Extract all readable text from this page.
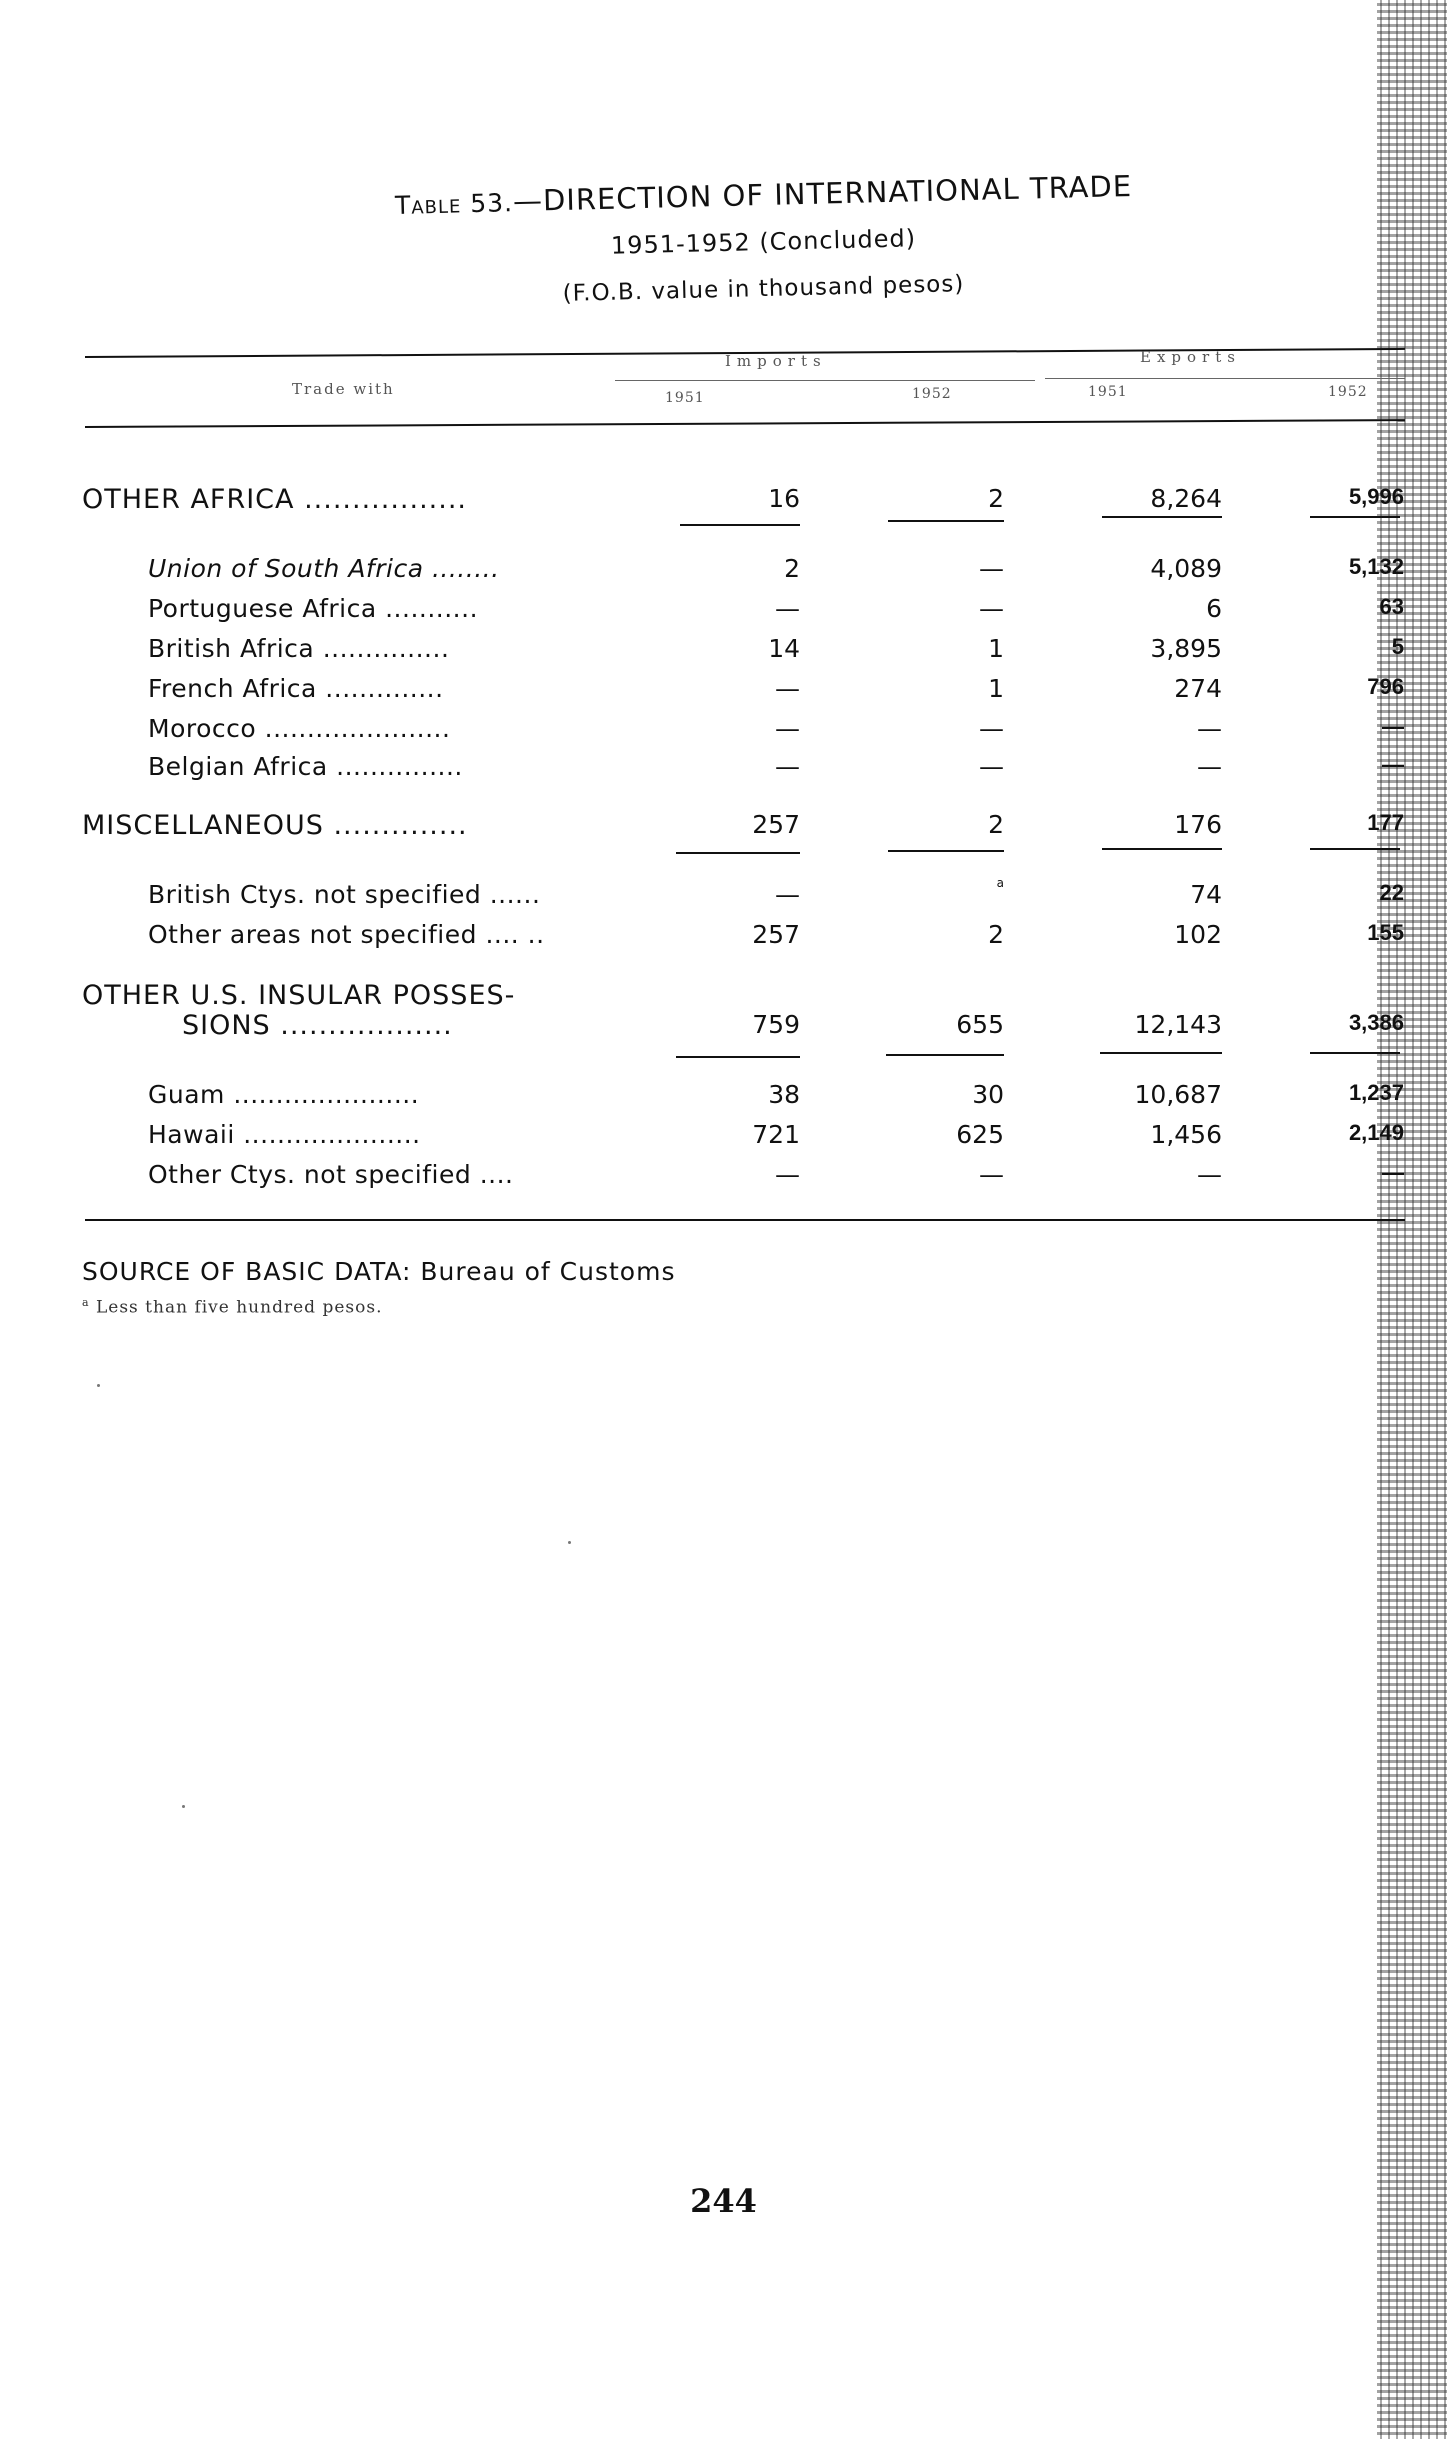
Table 53.—DIRECTION OF INTERNATIONAL TRADE
1951-1952 (Concluded)
(F.O.B. value in thousand pesos)
Trade with
Imports	Exports
1951	1952	1951	1952
OTHER AFRICA .................	16	2	8,264	5,996
Union of South Africa ........	2	—	4,089	5,132
Portuguese Africa ...........	—	—	6	63
British Africa ...............	14	1	3,895	5
French Africa ..............	—	1	274	796
Morocco ......................	—	—	—	—
Belgian Africa ...............	—	—	—	—
MISCELLANEOUS ..............	257	2	176	177
British Ctys. not specified ......	—	a	74	22
Other areas not specified .... ..	257	2	102	155
OTHER U.S. INSULAR POSSES-
SIONS ..................	759	655	12,143	3,386
Guam ......................	38	30	10,687	1,237
Hawaii .....................	721	625	1,456	2,149
Other Ctys. not specified ....	—	—	—	—
SOURCE OF BASIC DATA: Bureau of Customs
$^a$ Less than five hundred pesos.
244
